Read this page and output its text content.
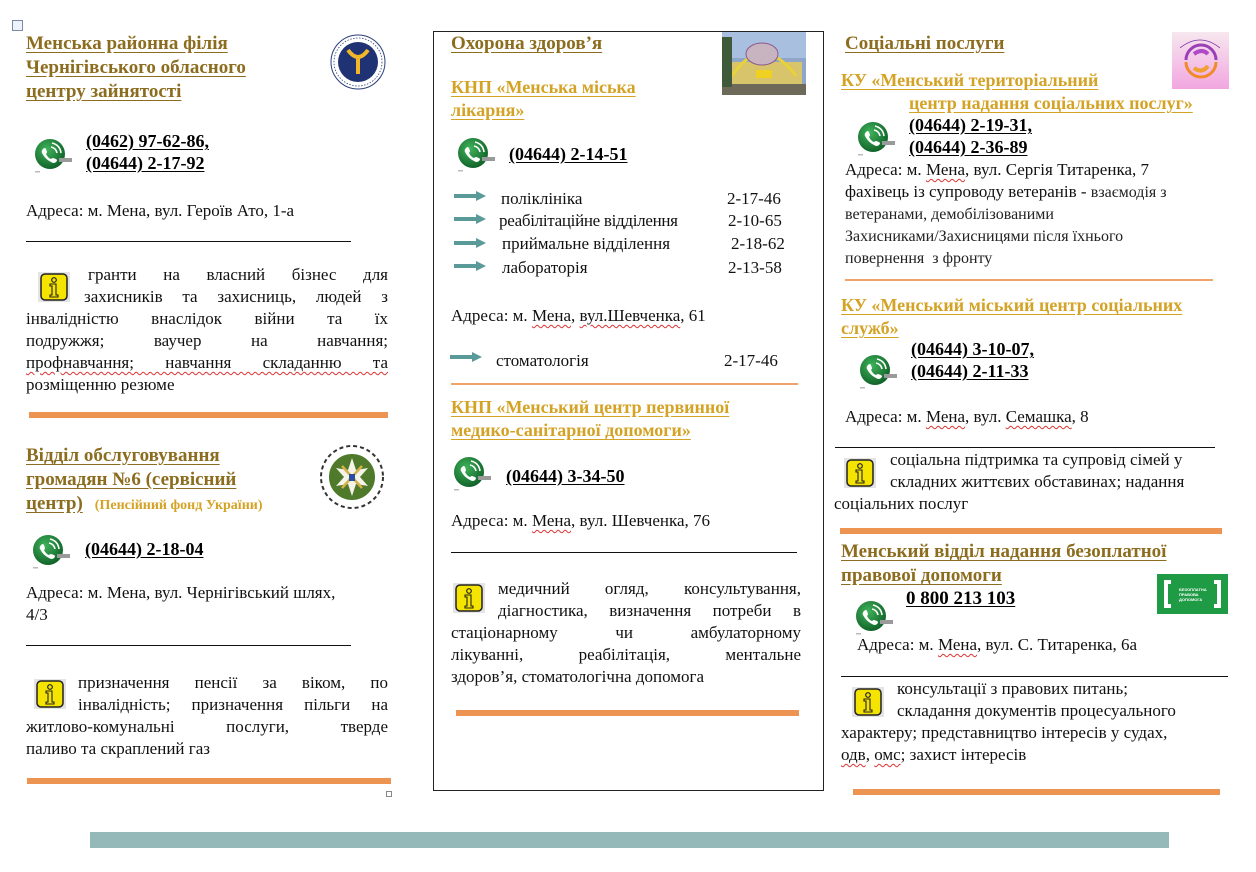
Менська районна філія
Чернігівського обласного
центру зайнятості
(0462) 97-62-86,
(04644) 2-17-92
Адреса: м. Мена, вул. Героїв Ато, 1-а
гранти на власний бізнес для
захисників та захисниць, людей з
інвалідністю внаслідок війни та їх
подружжя; ваучер на навчання;
профнавчання; навчання складанню та
розміщенню резюме
Відділ обслуговування
громадян №6 (сервісний
центр) (Пенсійний фонд України)
(04644) 2-18-04
Адреса: м. Мена, вул. Чернігівський шлях,
4/3
призначення пенсії за віком, по
інвалідність; призначення пільги на
житлово-комунальні послуги, тверде
паливо та скраплений газ
Охорона здоров’я
КНП «Менська міська
лікарня»
(04644) 2-14-51
поліклініка	2-17-46
реабілітаційне відділення	2-10-65
приймальне відділення	2-18-62
лабораторія	2-13-58
Адреса: м. Мена, вул.Шевченка, 61
стоматологія	2-17-46
КНП «Менський центр первинної
медико-санітарної допомоги»
(04644) 3-34-50
Адреса: м. Мена, вул. Шевченка, 76
медичний огляд, консультування,
діагностика, визначення потреби в
стаціонарному чи амбулаторному
лікуванні, реабілітація, ментальне
здоров’я, стоматологічна допомога
Соціальні послуги
КУ «Менський територіальний
центр надання соціальних послуг»
(04644) 2-19-31,
(04644) 2-36-89
Адреса: м. Мена, вул. Сергія Титаренка, 7
фахівець із супроводу ветеранів - взаємодія з
ветеранами, демобілізованими
Захисниками/Захисницями після їхнього
повернення  з фронту
КУ «Менський міський центр соціальних
служб»
(04644) 3-10-07,
(04644) 2-11-33
Адреса: м. Мена, вул. Семашка, 8
соціальна підтримка та супровід сімей у
складних життєвих обставинах; надання
соціальних послуг
Менський відділ надання безоплатної
правової допомоги
БЕЗОПЛАТНА ПРАВОВА ДОПОМОГА
0 800 213 103
Адреса: м. Мена, вул. С. Титаренка, 6а
консультації з правових питань;
складання документів процесуального
характеру; представництво інтересів у судах,
одв, омс; захист інтересів
